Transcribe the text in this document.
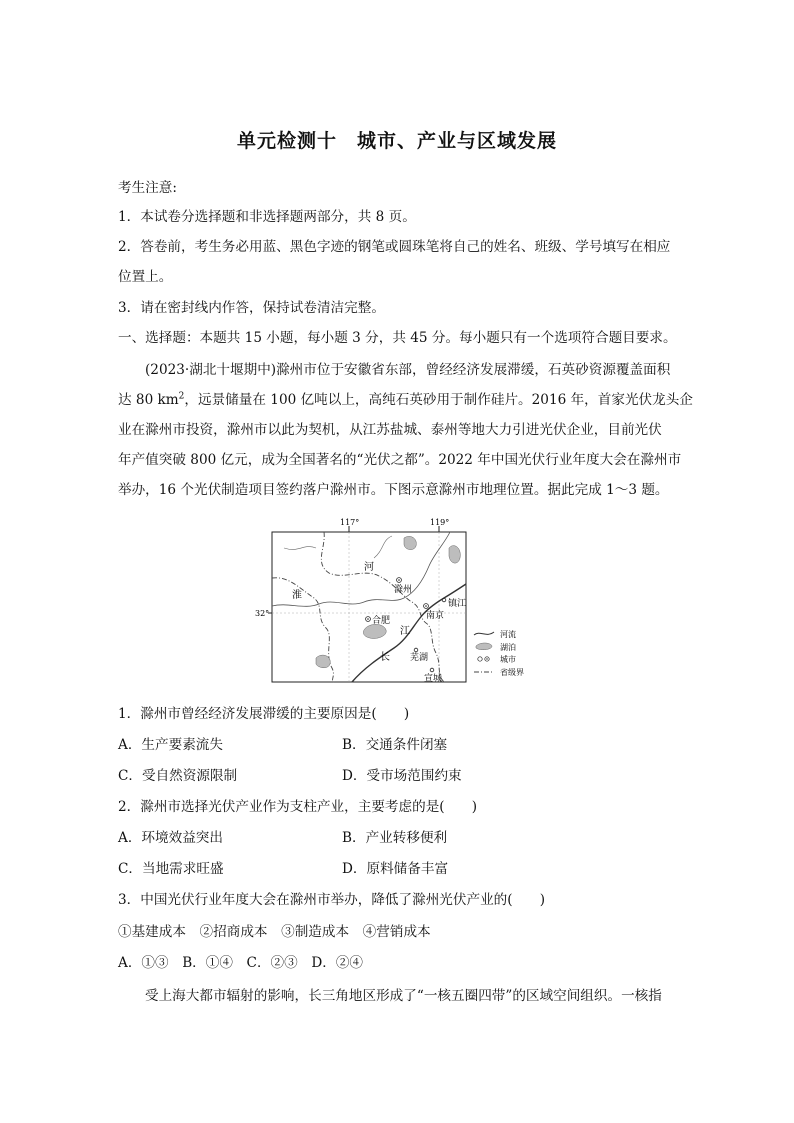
单元检测十　城市、产业与区域发展
考生注意:
1．本试卷分选择题和非选择题两部分，共 8 页。
2．答卷前，考生务必用蓝、黑色字迹的钢笔或圆珠笔将自己的姓名、班级、学号填写在相应
位置上。
3．请在密封线内作答，保持试卷清洁完整。
一、选择题：本题共 15 小题，每小题 3 分，共 45 分。每小题只有一个选项符合题目要求。
(2023·湖北十堰期中)滁州市位于安徽省东部，曾经经济发展滞缓，石英砂资源覆盖面积
达 80 $km^2$，远景储量在 100 亿吨以上，高纯石英砂用于制作硅片。2016 年，首家光伏龙头企
业在滁州市投资，滁州市以此为契机，从江苏盐城、泰州等地大力引进光伏企业，目前光伏
年产值突破 800 亿元，成为全国著名的“光伏之都”。2022 年中国光伏行业年度大会在滁州市
举办，16 个光伏制造项目签约落户滁州市。下图示意滁州市地理位置。据此完成 1～3 题。
117°	119°
32°
河
淮	滁州
镇江
南京
合肥
江
长 芜湖
宣城
河流
湖泊
城市
省级界
1．滁州市曾经经济发展滞缓的主要原因是(　　)
A．生产要素流失	B．交通条件闭塞
C．受自然资源限制	D．受市场范围约束
2．滁州市选择光伏产业作为支柱产业，主要考虑的是(　　)
A．环境效益突出	B．产业转移便利
C．当地需求旺盛	D．原料储备丰富
3．中国光伏行业年度大会在滁州市举办，降低了滁州光伏产业的(　　)
①基建成本　②招商成本　③制造成本　④营销成本
A．①③　B．①④　C．②③　D．②④
受上海大都市辐射的影响，长三角地区形成了“一核五圈四带”的区域空间组织。一核指
